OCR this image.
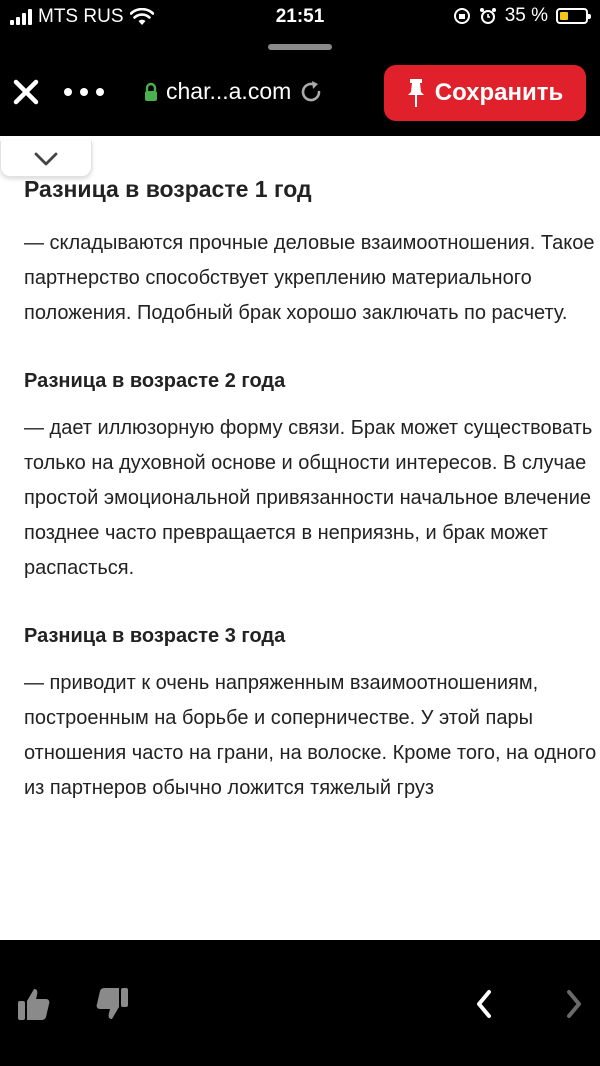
MTS RUS	21:51	35 %
char...a.com	Сохранить
Разница в возрасте 1 год
— складываются прочные деловые взаимоотношения. Такое партнерство способствует укреплению материального положения. Подобный брак хорошо заключать по расчету.
Разница в возрасте 2 года
— дает иллюзорную форму связи. Брак может существовать только на духовной основе и общности интересов. В случае простой эмоциональной привязанности начальное влечение позднее часто превращается в неприязнь, и брак может распасться.
Разница в возрасте 3 года
— приводит к очень напряженным взаимоотношениям, построенным на борьбе и соперничестве. У этой пары отношения часто на грани, на волоске. Кроме того, на одного из партнеров обычно ложится тяжелый груз
